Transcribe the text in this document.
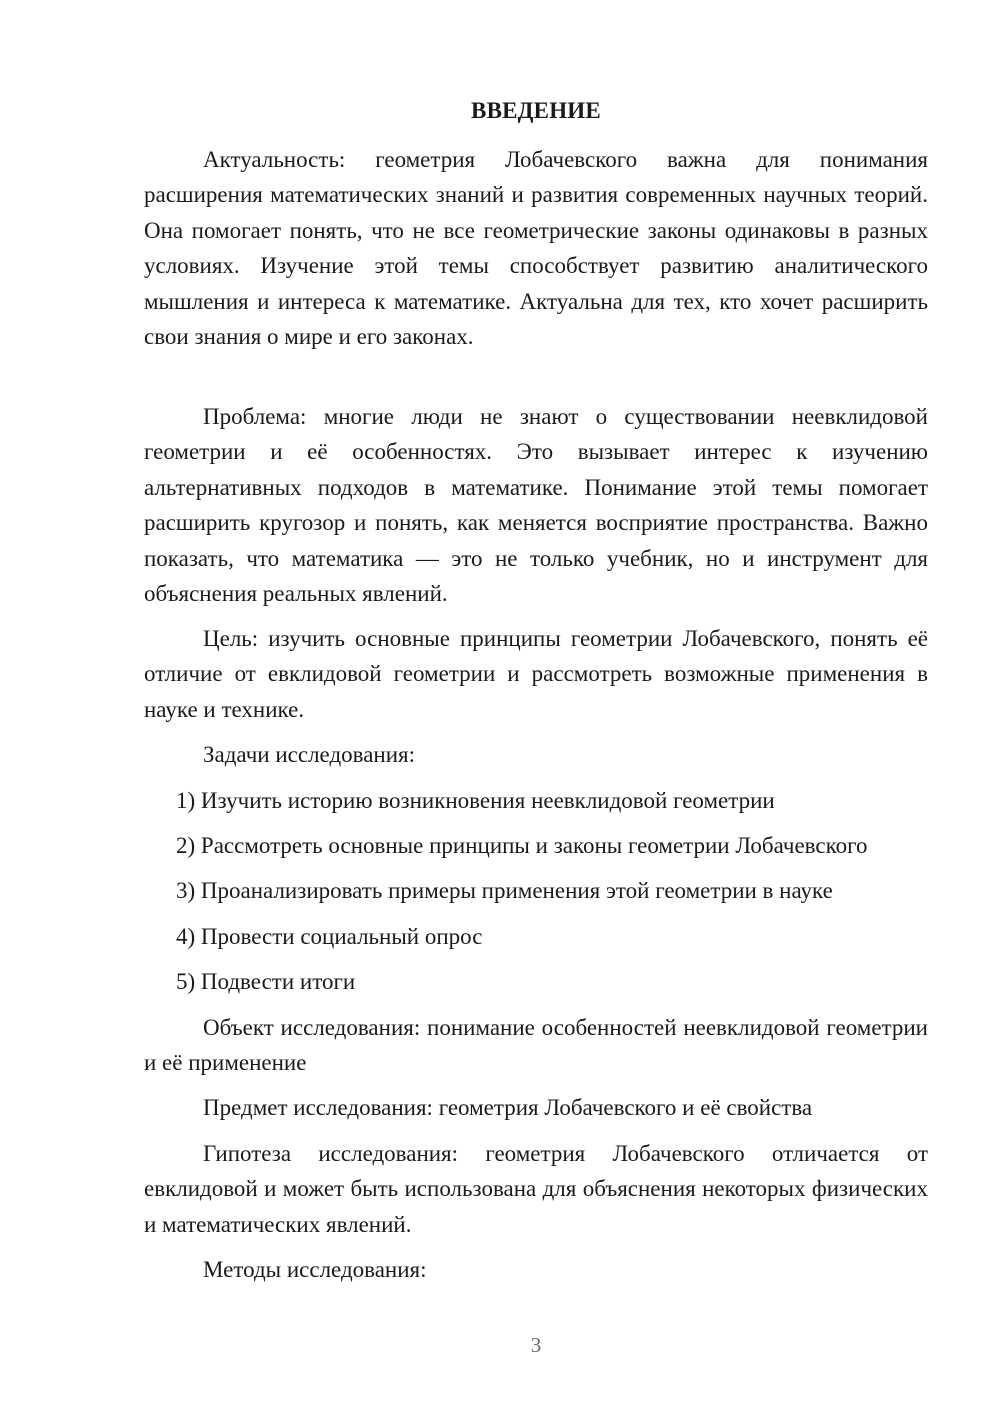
ВВЕДЕНИЕ

Актуальность: геометрия Лобачевского важна для понимания расширения математических знаний и развития современных научных теорий. Она помогает понять, что не все геометрические законы одинаковы в разных условиях. Изучение этой темы способствует развитию аналитического мышления и интереса к математике. Актуальна для тех, кто хочет расширить свои знания о мире и его законах.

Проблема: многие люди не знают о существовании неевклидовой геометрии и её особенностях. Это вызывает интерес к изучению альтернативных подходов в математике. Понимание этой темы помогает расширить кругозор и понять, как меняется восприятие пространства. Важно показать, что математика — это не только учебник, но и инструмент для объяснения реальных явлений.

Цель: изучить основные принципы геометрии Лобачевского, понять её отличие от евклидовой геометрии и рассмотреть возможные применения в науке и технике.

Задачи исследования:

1) Изучить историю возникновения неевклидовой геометрии

2) Рассмотреть основные принципы и законы геометрии Лобачевского

3) Проанализировать примеры применения этой геометрии в науке

4) Провести социальный опрос

5) Подвести итоги

Объект исследования: понимание особенностей неевклидовой геометрии и её применение

Предмет исследования: геометрия Лобачевского и её свойства

Гипотеза исследования: геометрия Лобачевского отличается от евклидовой и может быть использована для объяснения некоторых физических и математических явлений.

Методы исследования:

3
